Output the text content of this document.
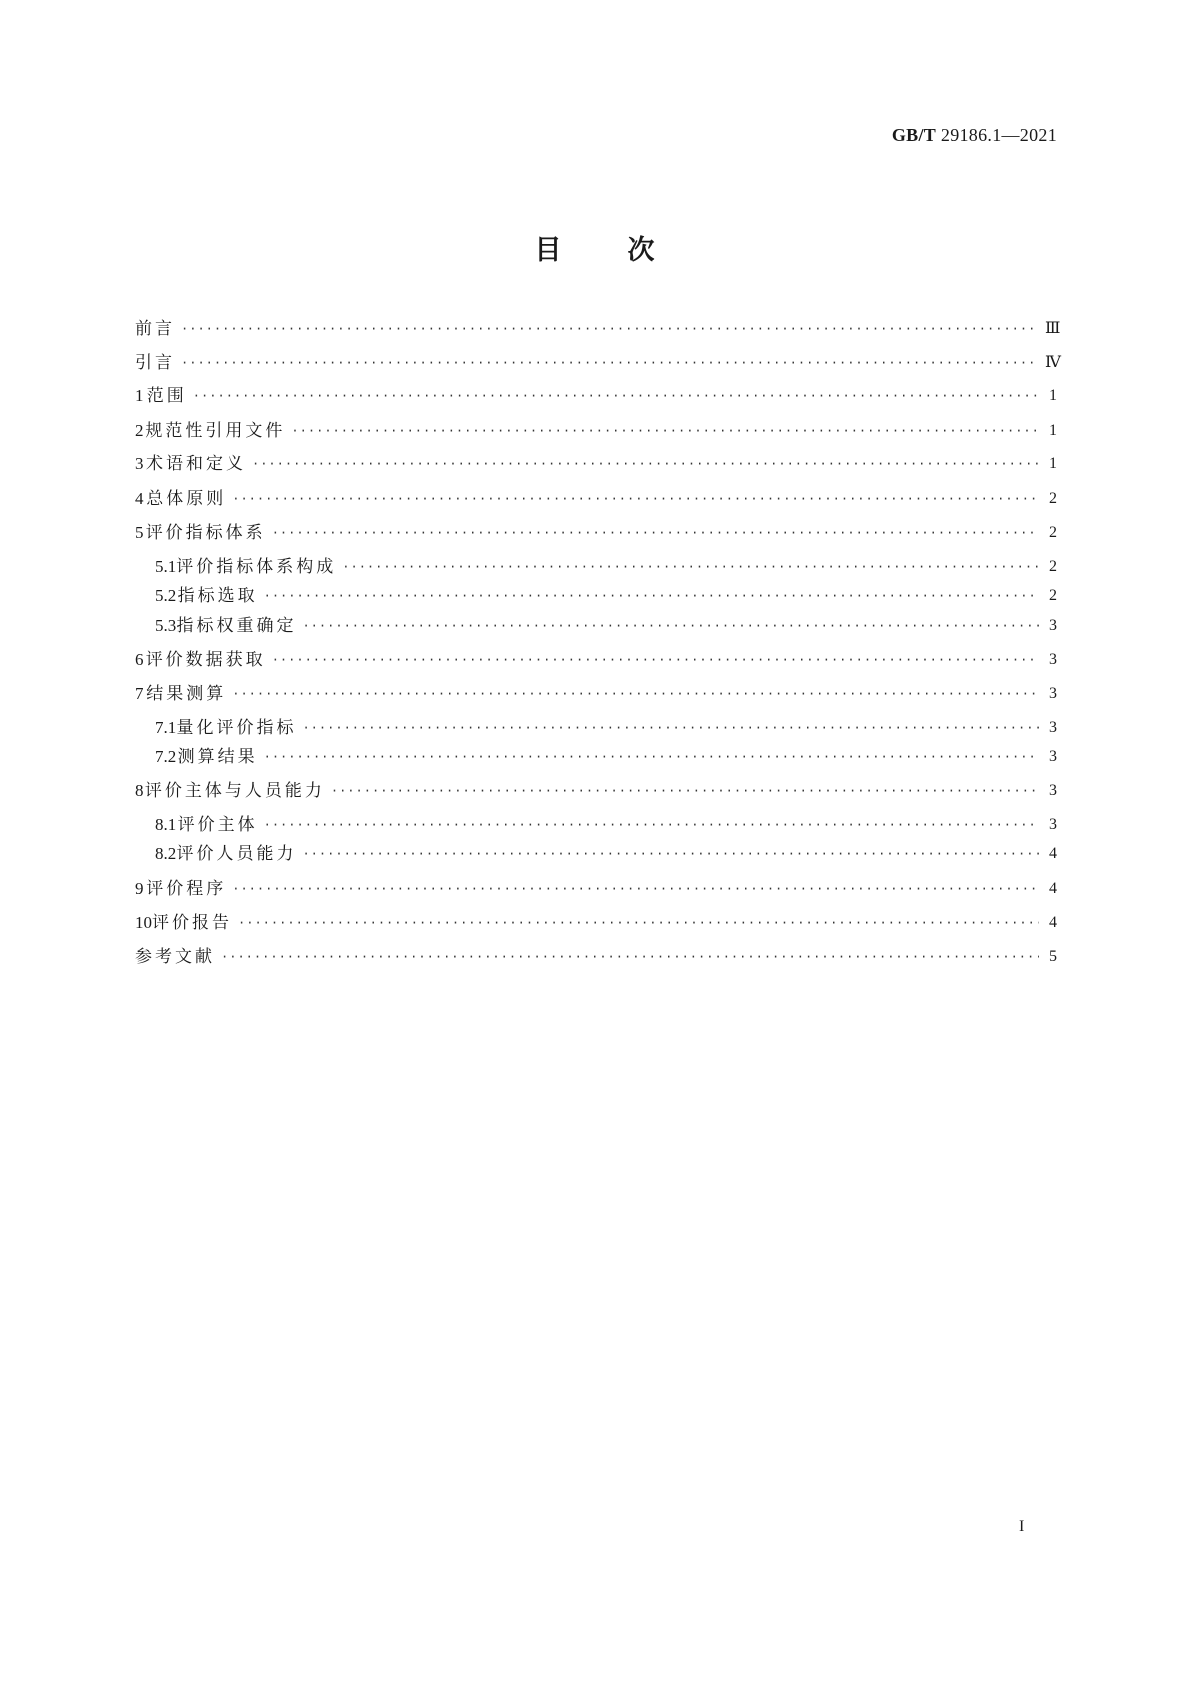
GB/T 29186.1—2021
目 次
前言 ·····	Ⅲ
引言 ·····	Ⅳ
1 范围 ·····	1
2 规范性引用文件 ·····	1
3 术语和定义 ·····	1
4 总体原则 ·····	2
5 评价指标体系 ·····	2
5.1 评价指标体系构成 ·····	2
5.2 指标选取 ·····	2
5.3 指标权重确定 ·····	3
6 评价数据获取 ·····	3
7 结果测算 ·····	3
7.1 量化评价指标 ·····	3
7.2 测算结果 ·····	3
8 评价主体与人员能力 ·····	3
8.1 评价主体 ·····	3
8.2 评价人员能力 ·····	4
9 评价程序 ·····	4
10 评价报告 ·····	4
参考文献 ·····	5
I
